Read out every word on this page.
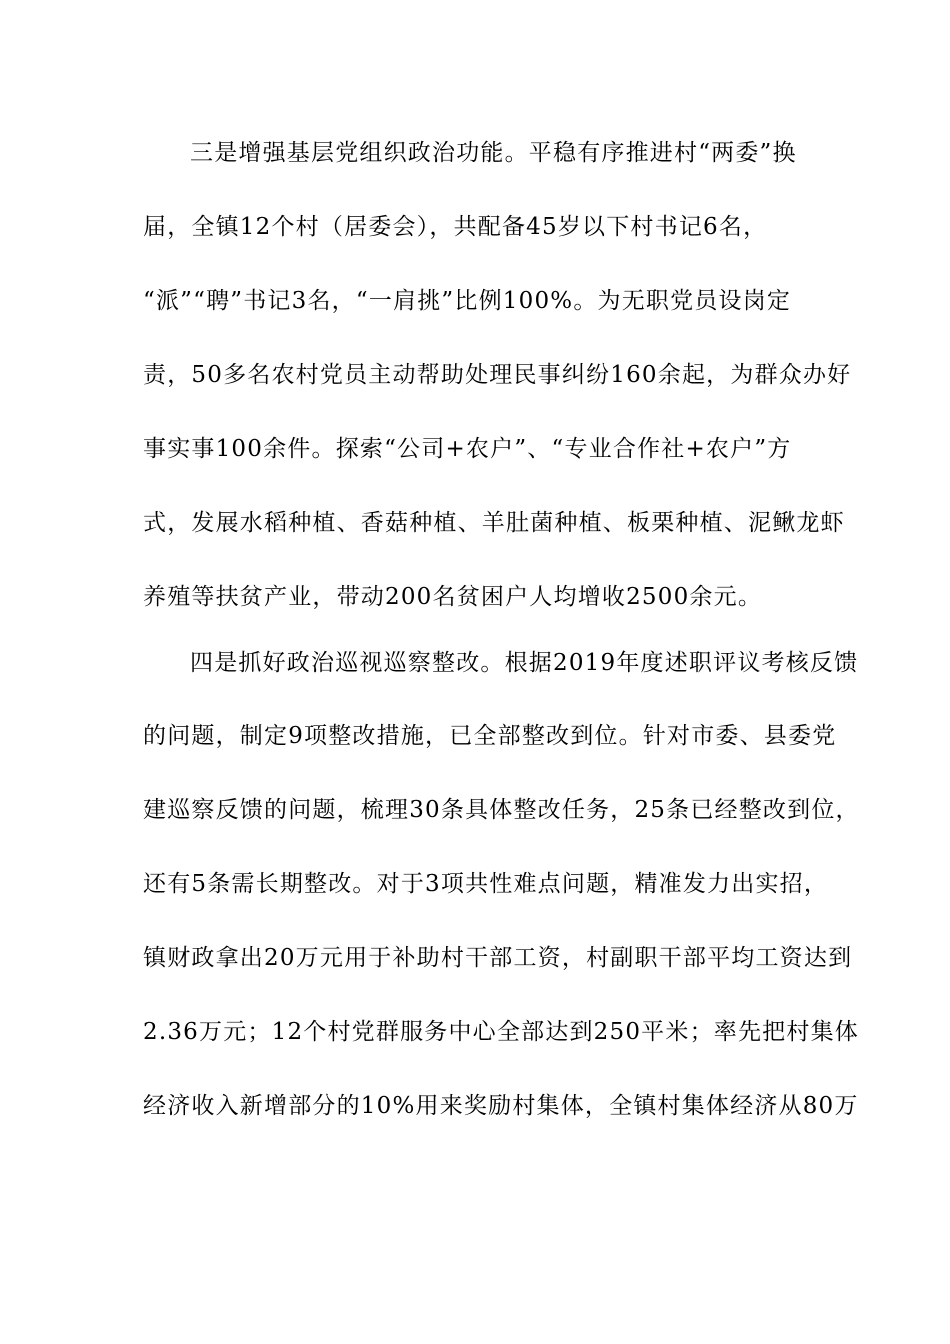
三是增强基层党组织政治功能。平稳有序推进村“两委”换
届，全镇12个村（居委会），共配备45岁以下村书记6名，
“派”“聘”书记3名，“一肩挑”比例100%。为无职党员设岗定
责，50多名农村党员主动帮助处理民事纠纷160余起，为群众办好
事实事100余件。探索“公司+农户”、“专业合作社+农户”方
式，发展水稻种植、香菇种植、羊肚菌种植、板栗种植、泥鳅龙虾
养殖等扶贫产业，带动200名贫困户人均增收2500余元。
四是抓好政治巡视巡察整改。根据2019年度述职评议考核反馈
的问题，制定9项整改措施，已全部整改到位。针对市委、县委党
建巡察反馈的问题，梳理30条具体整改任务，25条已经整改到位，
还有5条需长期整改。对于3项共性难点问题，精准发力出实招，
镇财政拿出20万元用于补助村干部工资，村副职干部平均工资达到
2.36万元；12个村党群服务中心全部达到250平米；率先把村集体
经济收入新增部分的10%用来奖励村集体，全镇村集体经济从80万
